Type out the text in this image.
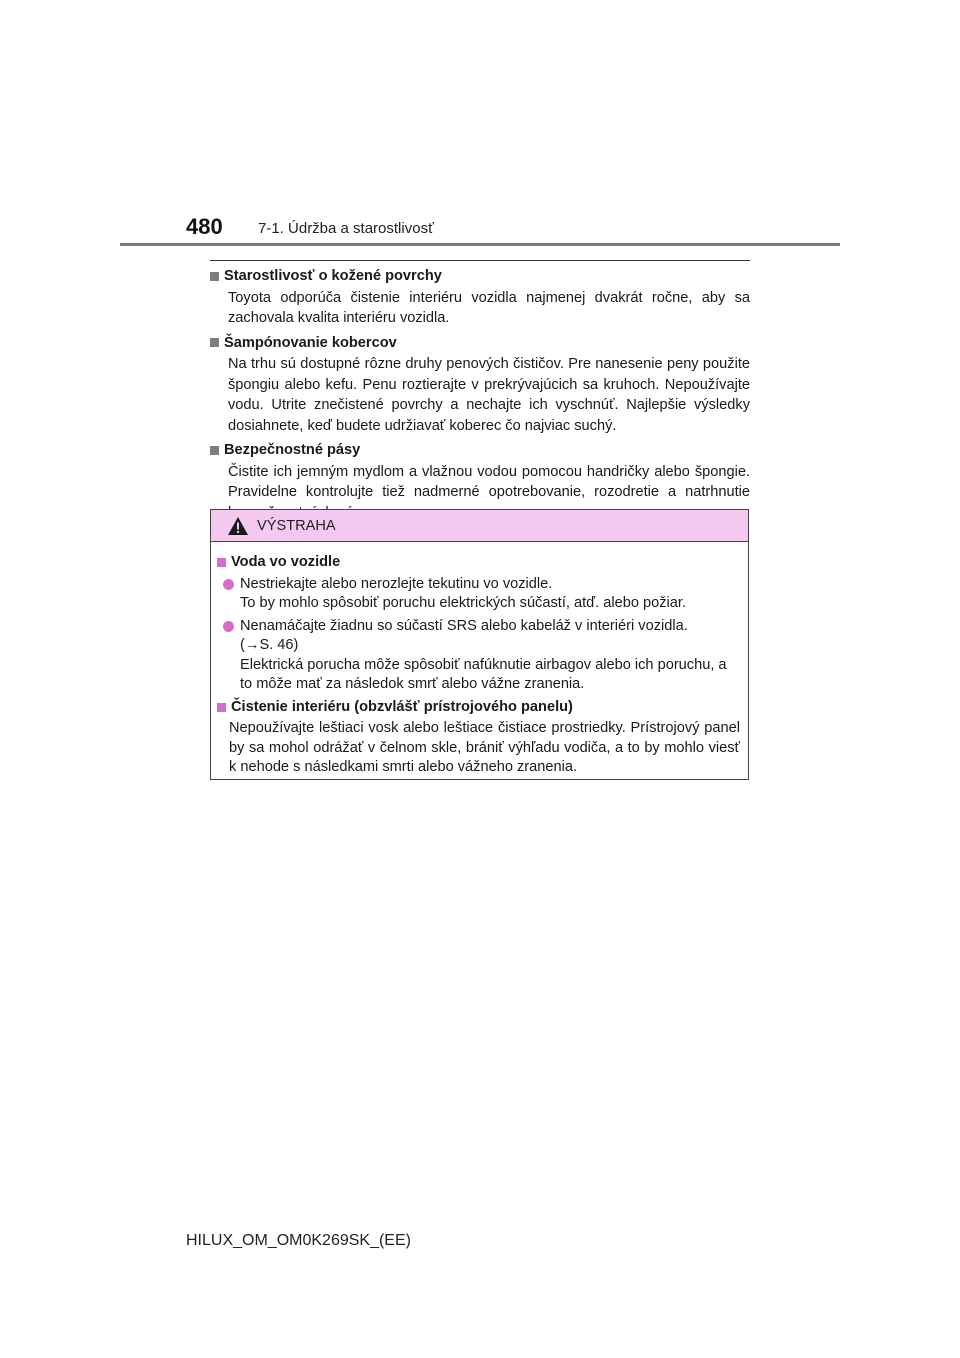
480 7-1. Údržba a starostlivosť
Starostlivosť o kožené povrchy
Toyota odporúča čistenie interiéru vozidla najmenej dvakrát ročne, aby sa zachovala kvalita interiéru vozidla.
Šampónovanie kobercov
Na trhu sú dostupné rôzne druhy penových čističov. Pre nanesenie peny použite špongiu alebo kefu. Penu roztierajte v prekrývajúcich sa kruhoch. Nepoužívajte vodu. Utrite znečistené povrchy a nechajte ich vyschnúť. Najlepšie výsledky dosiahnete, keď budete udržiavať koberec čo najviac suchý.
Bezpečnostné pásy
Čistite ich jemným mydlom a vlažnou vodou pomocou handričky alebo špongie. Pravidelne kontrolujte tiež nadmerné opotrebovanie, rozodretie a natrhnutie
VÝSTRAHA
Voda vo vozidle
Nestriekajte alebo nerozlejte tekutinu vo vozidle.
To by mohlo spôsobiť poruchu elektrických súčastí, atď. alebo požiar.
Nenamáčajte žiadnu so súčastí SRS alebo kabeláž v interiéri vozidla.
(→S. 46)
Elektrická porucha môže spôsobiť nafúknutie airbagov alebo ich poruchu, a to môže mať za následok smrť alebo vážne zranenia.
Čistenie interiéru (obzvlášť prístrojového panelu)
Nepoužívajte leštiaci vosk alebo leštiace čistiace prostriedky. Prístrojový panel by sa mohol odrážať v čelnom skle, brániť výhľadu vodiča, a to by mohlo viesť k nehode s následkami smrti alebo vážneho zranenia.
HILUX_OM_OM0K269SK_(EE)
